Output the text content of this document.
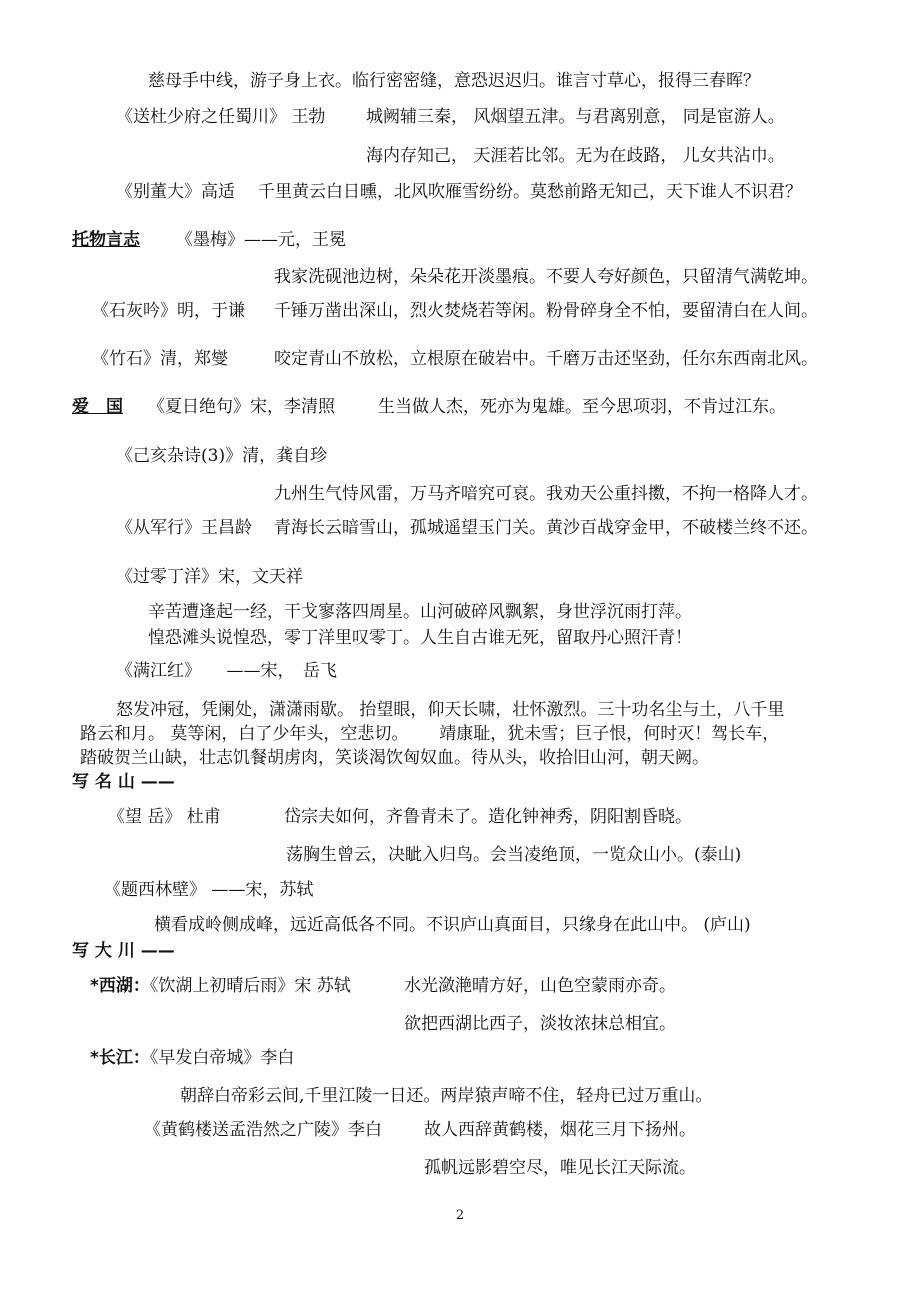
慈母手中线，游子身上衣。临行密密缝，意恐迟迟归。谁言寸草心，报得三春晖？
《送杜少府之任蜀川》 王勃 城阙辅三秦， 风烟望五津。与君离别意， 同是宦游人。
海内存知己， 天涯若比邻。无为在歧路， 儿女共沾巾。
《别董大》高适 千里黄云白日曛，北风吹雁雪纷纷。莫愁前路无知己，天下谁人不识君？
托物言志 《墨梅》——元，王冕
我家洗砚池边树，朵朵花开淡墨痕。不要人夸好颜色，只留清气满乾坤。
《石灰吟》明，于谦 千锤万凿出深山，烈火焚烧若等闲。粉骨碎身全不怕，要留清白在人间。
《竹石》清，郑燮	咬定青山不放松，立根原在破岩中。千磨万击还坚劲，任尔东西南北风。
爱　国 《夏日绝句》宋，李清照	生当做人杰，死亦为鬼雄。至今思项羽，不肯过江东。
《己亥杂诗(3)》清，龚自珍
九州生气恃风雷，万马齐喑究可哀。我劝天公重抖擞，不拘一格降人才。
《从军行》王昌龄 青海长云暗雪山，孤城遥望玉门关。黄沙百战穿金甲，不破楼兰终不还。
《过零丁洋》宋，文天祥
辛苦遭逢起一经，干戈寥落四周星。山河破碎风飘絮，身世浮沉雨打萍。
惶恐滩头说惶恐，零丁洋里叹零丁。人生自古谁无死，留取丹心照汗青！
《满江红》　　——宋，　岳飞
怒发冲冠，凭阑处，潇潇雨歇。 抬望眼，仰天长啸，壮怀激烈。三十功名尘与土，八千里
路云和月。 莫等闲，白了少年头，空悲切。　　 靖康耻，犹未雪；巨子恨，何时灭！驾长车，
踏破贺兰山缺，壮志饥餐胡虏肉，笑谈渴饮匈奴血。待从头，收拾旧山河，朝天阙。
写 名 山 ——
《望 岳》 杜甫	岱宗夫如何，齐鲁青未了。造化钟神秀，阴阳割昏晓。
荡胸生曾云，决眦入归鸟。会当凌绝顶，一览众山小。(泰山)
《题西林壁》 ——宋，苏轼
横看成岭侧成峰，远近高低各不同。不识庐山真面目，只缘身在此山中。 (庐山)
写 大 川 ——
*西湖：《饮湖上初晴后雨》宋 苏轼	水光潋滟晴方好，山色空蒙雨亦奇。
欲把西湖比西子，淡妆浓抹总相宜。
*长江：《早发白帝城》李白
朝辞白帝彩云间,千里江陵一日还。两岸猿声啼不住，轻舟已过万重山。
《黄鹤楼送孟浩然之广陵》李白 故人西辞黄鹤楼，烟花三月下扬州。
孤帆远影碧空尽，唯见长江天际流。
2
